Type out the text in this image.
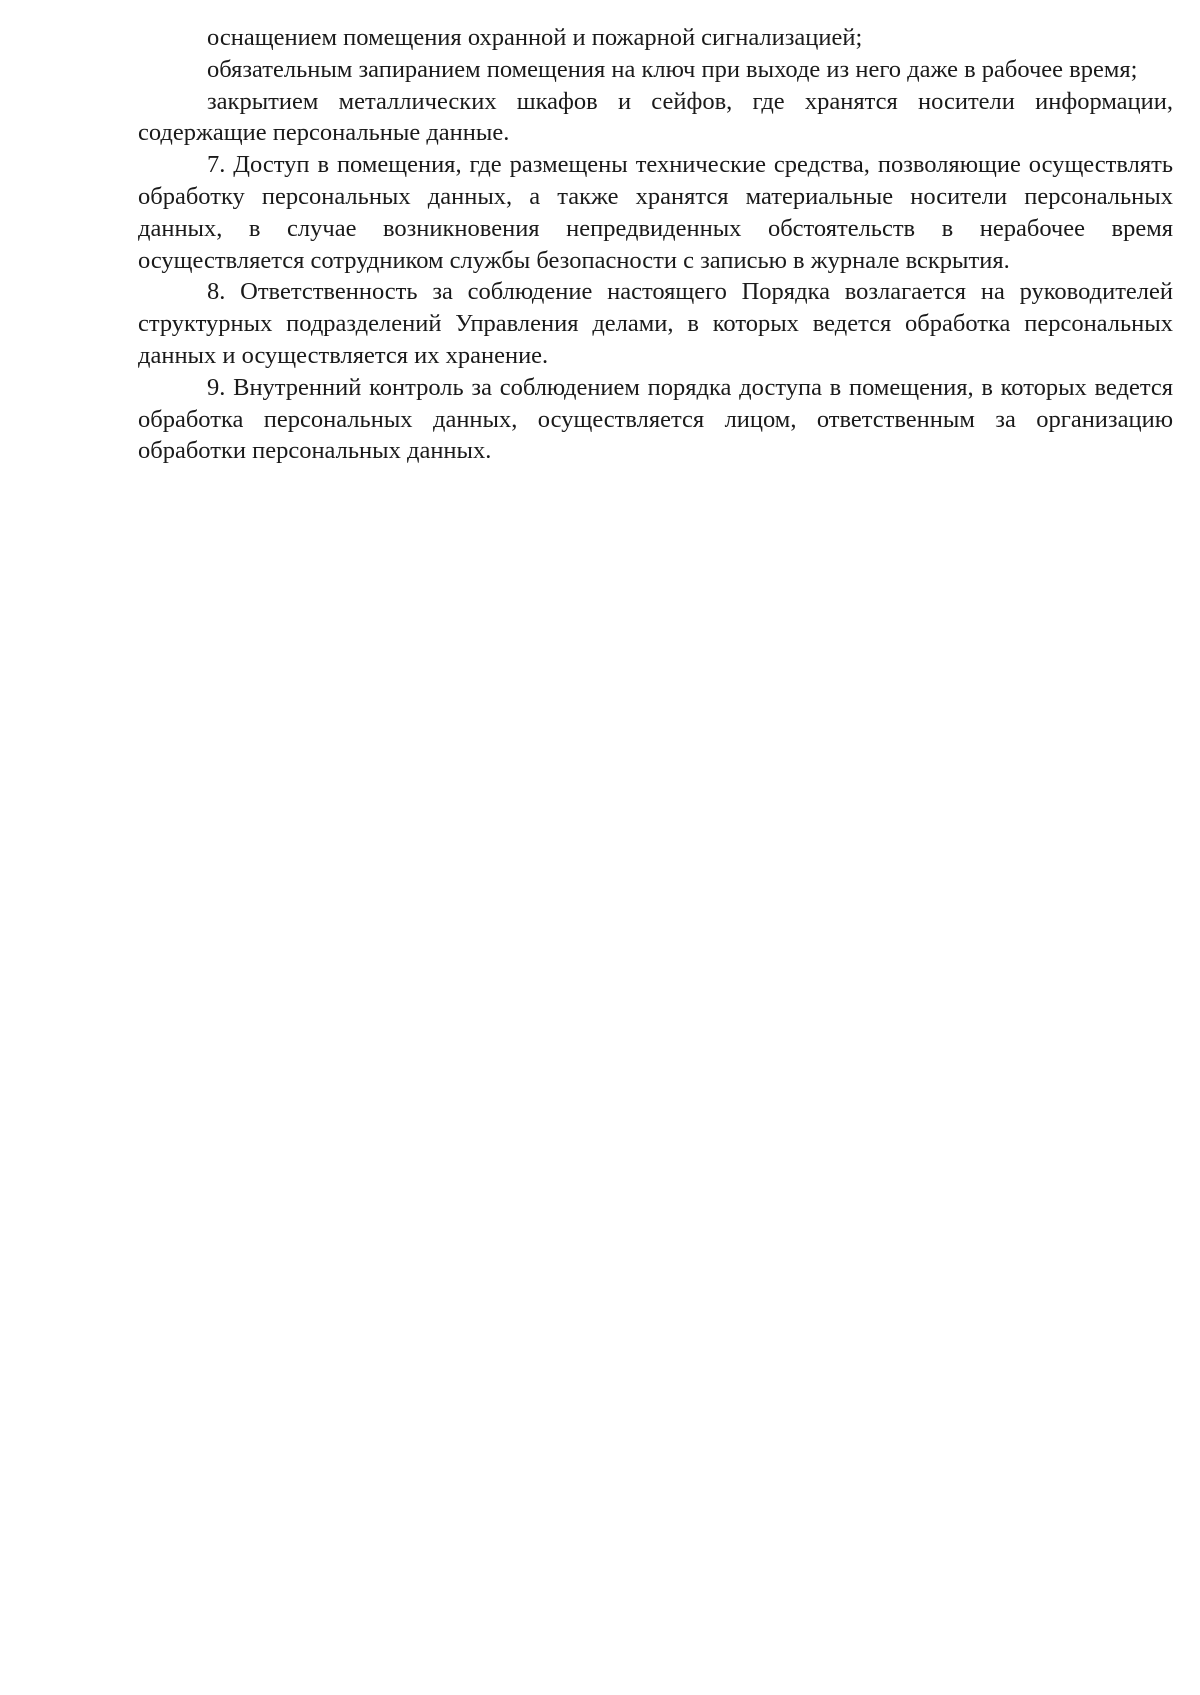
оснащением помещения охранной и пожарной сигнализацией;

обязательным запиранием помещения на ключ при выходе из него даже в рабочее время;

закрытием металлических шкафов и сейфов, где хранятся носители информации, содержащие персональные данные.

7. Доступ в помещения, где размещены технические средства, позволяющие осуществлять обработку персональных данных, а также хранятся материальные носители персональных данных, в случае возникновения непредвиденных обстоятельств в нерабочее время осуществляется сотрудником службы безопасности с записью в журнале вскрытия.

8. Ответственность за соблюдение настоящего Порядка возлагается на руководителей структурных подразделений Управления делами, в которых ведется обработка персональных данных и осуществляется их хранение.

9. Внутренний контроль за соблюдением порядка доступа в помещения, в которых ведется обработка персональных данных, осуществляется лицом, ответственным за организацию обработки персональных данных.
